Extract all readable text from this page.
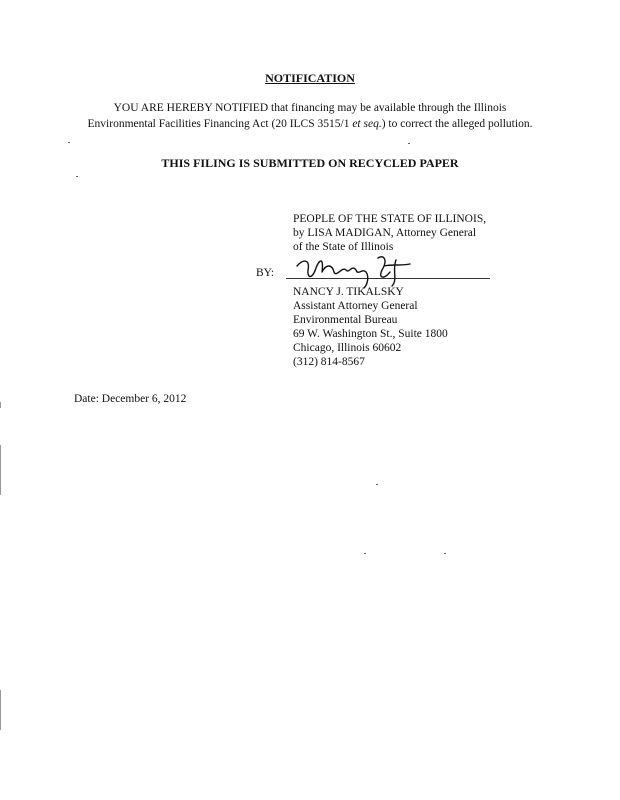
NOTIFICATION
YOU ARE HEREBY NOTIFIED that financing may be available through the Illinois
Environmental Facilities Financing Act (20 ILCS 3515/1 et seq.) to correct the alleged pollution.
THIS FILING IS SUBMITTED ON RECYCLED PAPER
PEOPLE OF THE STATE OF ILLINOIS,
by LISA MADIGAN, Attorney General
of the State of Illinois
BY:
NANCY J. TIKALSKY
Assistant Attorney General
Environmental Bureau
69 W. Washington St., Suite 1800
Chicago, Illinois 60602
(312) 814-8567
Date: December 6, 2012
